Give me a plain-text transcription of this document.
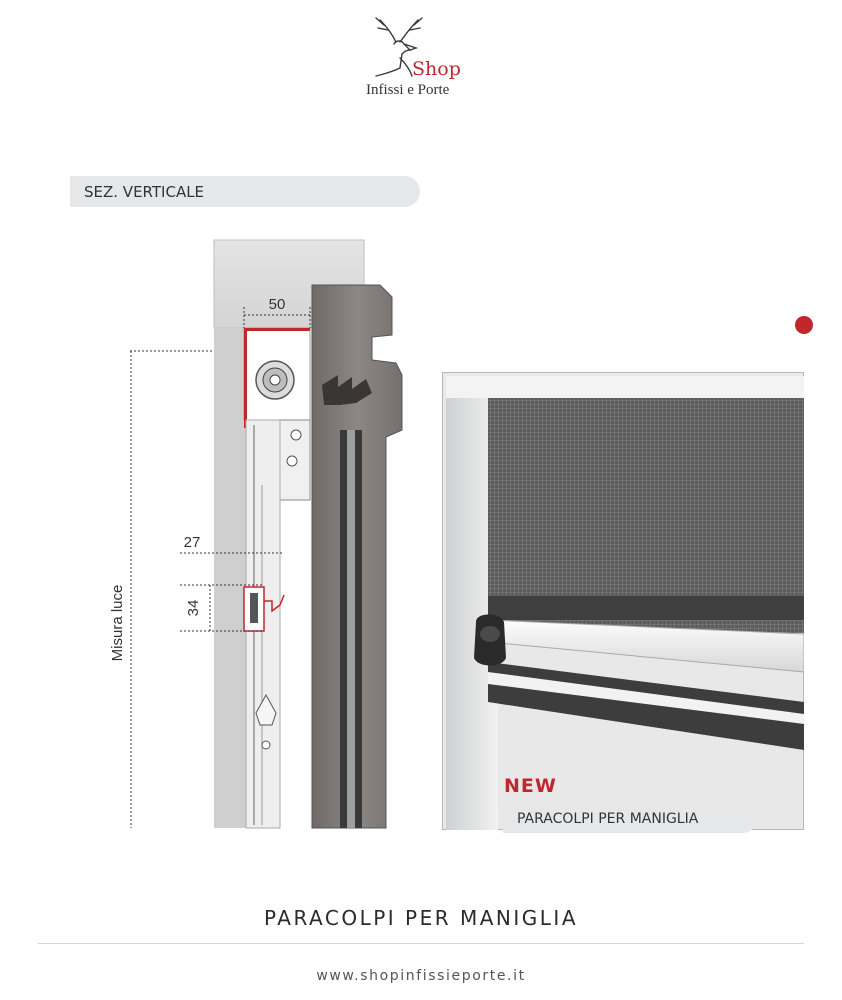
Shop
Infissi e Porte
SEZ. VERTICALE
50
27
34
Misura luce
NEW
PARACOLPI PER MANIGLIA
PARACOLPI PER MANIGLIA
www.shopinfissieporte.it
